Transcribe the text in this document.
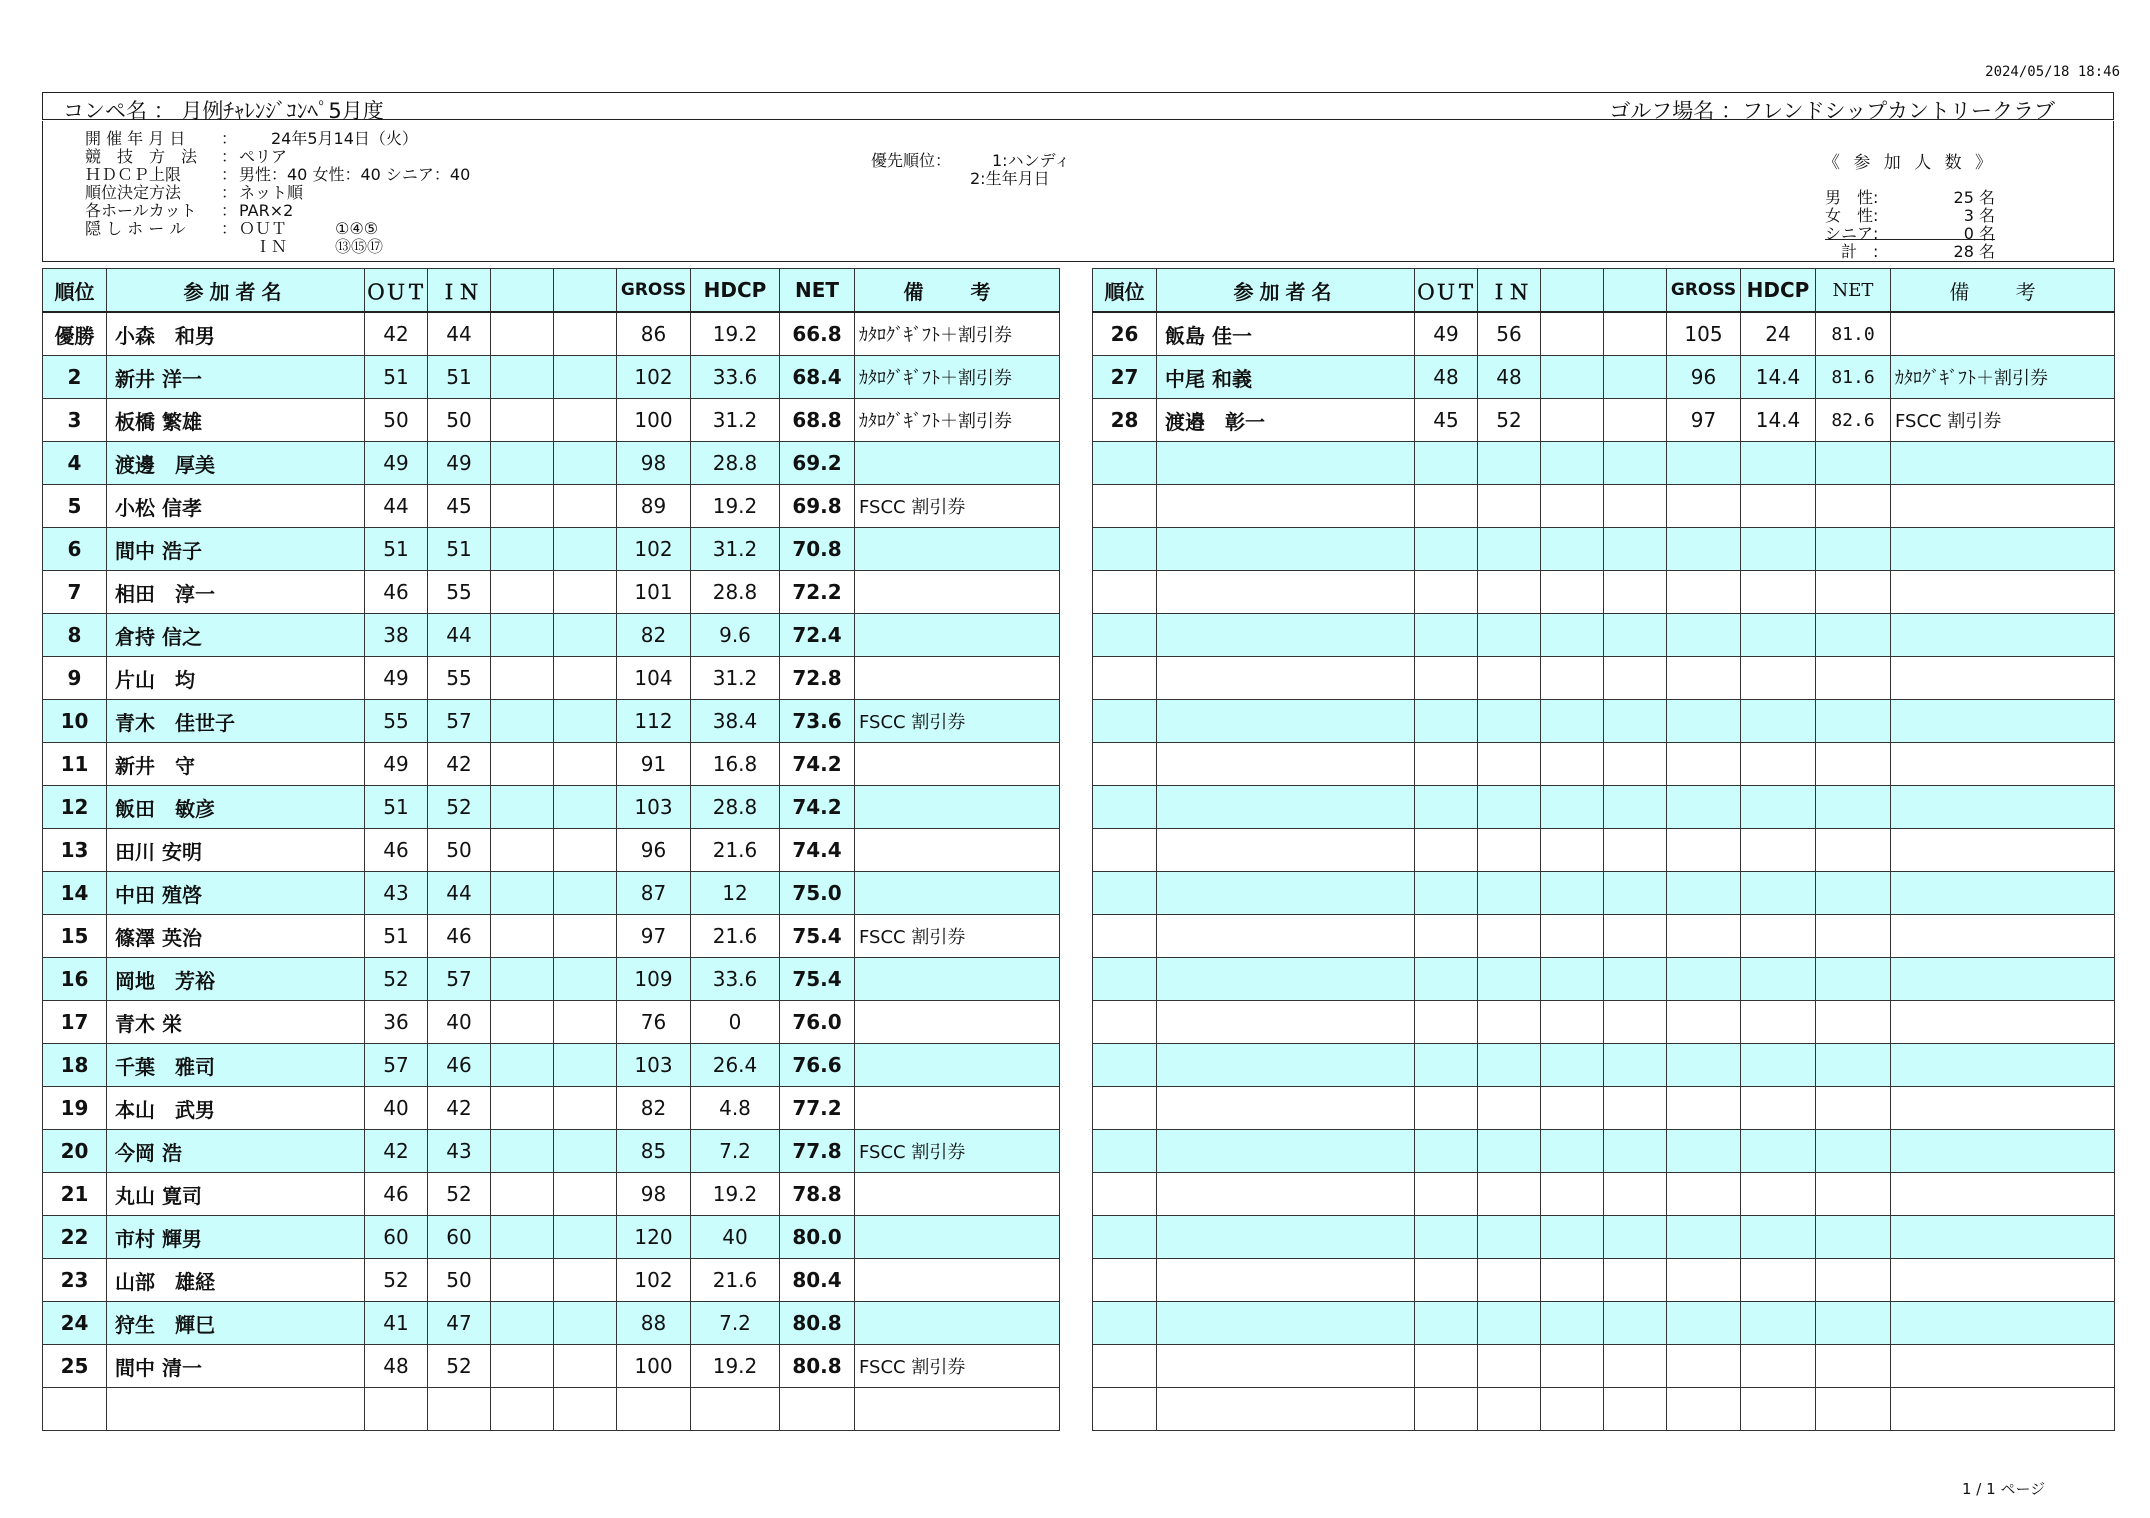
2024/05/18 18:46
コンペ名 ： 月例ﾁｬﾚﾝｼﾞｺﾝﾍﾟ5月度	ゴルフ場名 ：フレンドシップカントリークラブ
開 催 年 月 日 ： 　　24年5月14日（火）
競　技　方　法 ： ペリア
ＨＤＣＰ上限 ： 男性：40 女性：40 シニア：40
順位決定方法 ： ネット順
各ホールカット ： PAR×2
隠 し ホ ー ル ： ＯＵＴ　　　①④⑤
　ＩＮ　　　⑬⑮⑰
優先順位：	1:ハンディ
2:生年月日
《 参 加 人 数 》
男　性:	25 名
女　性:	3 名
シニア:	0 名
　計　:	28 名
順位	参加者名	ＯＵＴ	ＩＮ			GROSS	HDCP	NET	備 考
優勝	小森　和男	42	44			86	19.2	66.8	ｶﾀﾛｸﾞｷﾞﾌﾄ＋割引券
2	新井 洋一	51	51			102	33.6	68.4	ｶﾀﾛｸﾞｷﾞﾌﾄ＋割引券
3	板橋 繁雄	50	50			100	31.2	68.8	ｶﾀﾛｸﾞｷﾞﾌﾄ＋割引券
4	渡邊　厚美	49	49			98	28.8	69.2	
5	小松 信孝	44	45			89	19.2	69.8	FSCC 割引券
6	間中 浩子	51	51			102	31.2	70.8	
7	相田　淳一	46	55			101	28.8	72.2	
8	倉持 信之	38	44			82	9.6	72.4	
9	片山　均	49	55			104	31.2	72.8	
10	青木　佳世子	55	57			112	38.4	73.6	FSCC 割引券
11	新井　守	49	42			91	16.8	74.2	
12	飯田　敏彦	51	52			103	28.8	74.2	
13	田川 安明	46	50			96	21.6	74.4	
14	中田 殖啓	43	44			87	12	75.0	
15	篠澤 英治	51	46			97	21.6	75.4	FSCC 割引券
16	岡地　芳裕	52	57			109	33.6	75.4	
17	青木 栄	36	40			76	0	76.0	
18	千葉　雅司	57	46			103	26.4	76.6	
19	本山　武男	40	42			82	4.8	77.2	
20	今岡 浩	42	43			85	7.2	77.8	FSCC 割引券
21	丸山 寛司	46	52			98	19.2	78.8	
22	市村 輝男	60	60			120	40	80.0	
23	山部　雄経	52	50			102	21.6	80.4	
24	狩生　輝巳	41	47			88	7.2	80.8	
25	間中 清一	48	52			100	19.2	80.8	FSCC 割引券

順位	参加者名	ＯＵＴ	ＩＮ			GROSS	HDCP	NET	備 考
26	飯島 佳一	49	56			105	24	81.0	
27	中尾 和義	48	48			96	14.4	81.6	ｶﾀﾛｸﾞｷﾞﾌﾄ＋割引券
28	渡邉　彰一	45	52			97	14.4	82.6	FSCC 割引券

1 / 1 ページ
